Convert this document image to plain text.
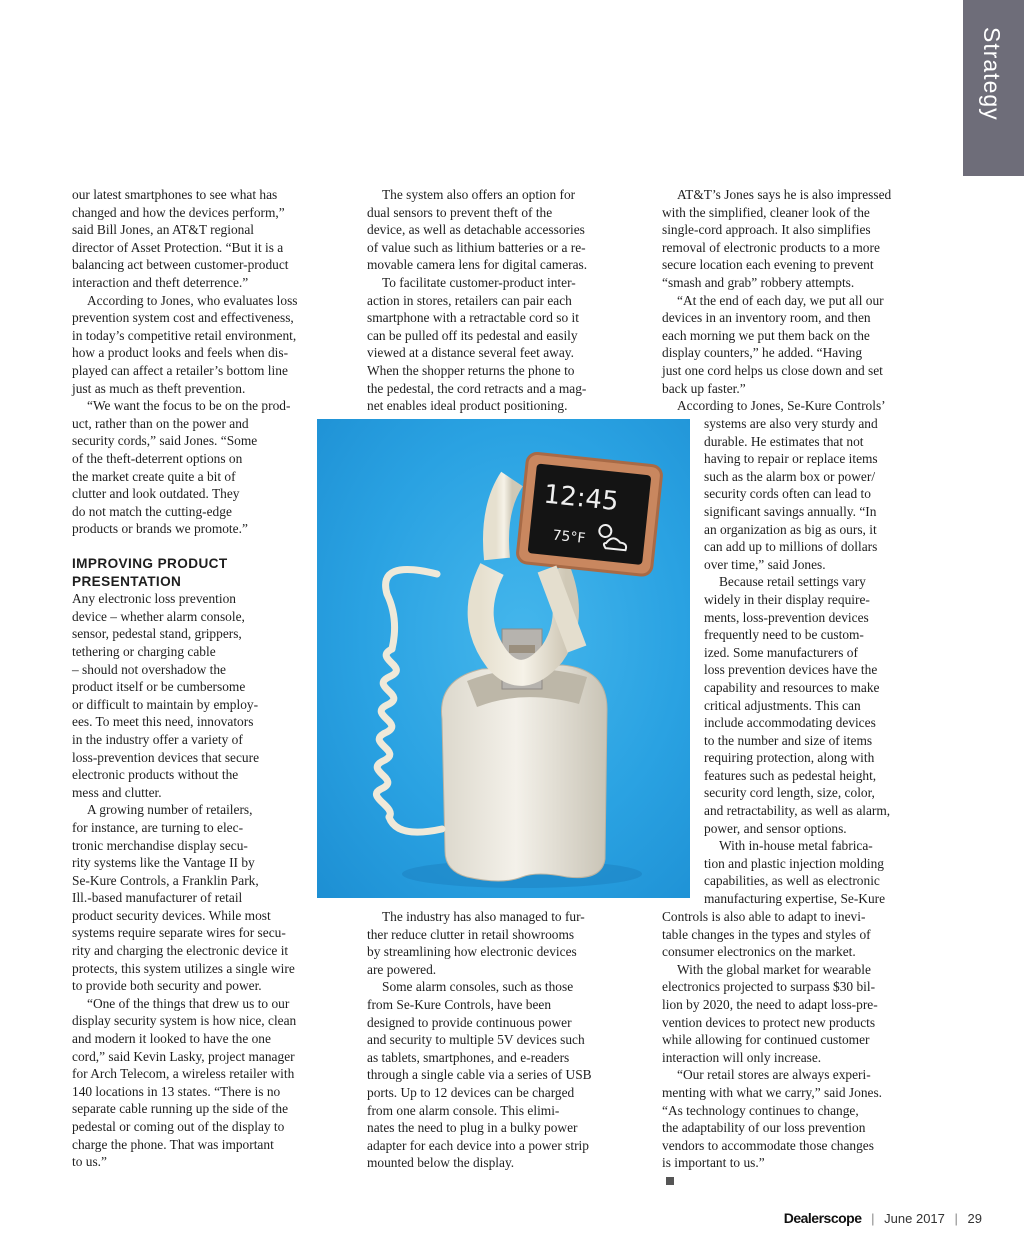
Strategy

our latest smartphones to see what has
changed and how the devices perform,”
said Bill Jones, an AT&T regional
director of Asset Protection. “But it is a
balancing act between customer-product
interaction and theft deterrence.”

According to Jones, who evaluates loss
prevention system cost and effectiveness,
in today’s competitive retail environment,
how a product looks and feels when dis-
played can affect a retailer’s bottom line
just as much as theft prevention.

“We want the focus to be on the prod-
uct, rather than on the power and
security cords,” said Jones. “Some
of the theft-deterrent options on
the market create quite a bit of
clutter and look outdated. They
do not match the cutting-edge
products or brands we promote.”

IMPROVING PRODUCT
PRESENTATION

Any electronic loss prevention
device – whether alarm console,
sensor, pedestal stand, grippers,
tethering or charging cable
– should not overshadow the
product itself or be cumbersome
or difficult to maintain by employ-
ees. To meet this need, innovators
in the industry offer a variety of
loss-prevention devices that secure
electronic products without the
mess and clutter.

A growing number of retailers,
for instance, are turning to elec-
tronic merchandise display secu-
rity systems like the Vantage II by
Se-Kure Controls, a Franklin Park,
Ill.-based manufacturer of retail
product security devices. While most
systems require separate wires for secu-
rity and charging the electronic device it
protects, this system utilizes a single wire
to provide both security and power.

“One of the things that drew us to our
display security system is how nice, clean
and modern it looked to have the one
cord,” said Kevin Lasky, project manager
for Arch Telecom, a wireless retailer with
140 locations in 13 states. “There is no
separate cable running up the side of the
pedestal or coming out of the display to
charge the phone. That was important
to us.”

The system also offers an option for
dual sensors to prevent theft of the
device, as well as detachable accessories
of value such as lithium batteries or a re-
movable camera lens for digital cameras.

To facilitate customer-product inter-
action in stores, retailers can pair each
smartphone with a retractable cord so it
can be pulled off its pedestal and easily
viewed at a distance several feet away.
When the shopper returns the phone to
the pedestal, the cord retracts and a mag-
net enables ideal product positioning.

The industry has also managed to fur-
ther reduce clutter in retail showrooms
by streamlining how electronic devices
are powered.

Some alarm consoles, such as those
from Se-Kure Controls, have been
designed to provide continuous power
and security to multiple 5V devices such
as tablets, smartphones, and e-readers
through a single cable via a series of USB
ports. Up to 12 devices can be charged
from one alarm console. This elimi-
nates the need to plug in a bulky power
adapter for each device into a power strip
mounted below the display.

AT&T’s Jones says he is also impressed
with the simplified, cleaner look of the
single-cord approach. It also simplifies
removal of electronic products to a more
secure location each evening to prevent
“smash and grab” robbery attempts.

“At the end of each day, we put all our
devices in an inventory room, and then
each morning we put them back on the
display counters,” he added. “Having
just one cord helps us close down and set
back up faster.”

According to Jones, Se-Kure Controls’

systems are also very sturdy and
durable. He estimates that not
having to repair or replace items
such as the alarm box or power/
security cords often can lead to
significant savings annually. “In
an organization as big as ours, it
can add up to millions of dollars
over time,” said Jones.

Because retail settings vary
widely in their display require-
ments, loss-prevention devices
frequently need to be custom-
ized. Some manufacturers of
loss prevention devices have the
capability and resources to make
critical adjustments. This can
include accommodating devices
to the number and size of items
requiring protection, along with
features such as pedestal height,
security cord length, size, color,
and retractability, as well as alarm,
power, and sensor options.

With in-house metal fabrica-
tion and plastic injection molding
capabilities, as well as electronic
manufacturing expertise, Se-Kure

Controls is also able to adapt to inevi-
table changes in the types and styles of
consumer electronics on the market.

With the global market for wearable
electronics projected to surpass $30 bil-
lion by 2020, the need to adapt loss-pre-
vention devices to protect new products
while allowing for continued customer
interaction will only increase.

“Our retail stores are always experi-
menting with what we carry,” said Jones.
“As technology continues to change,
the adaptability of our loss prevention
vendors to accommodate those changes
is important to us.”

12:45
75°F
Dealerscope | June 2017 | 29
